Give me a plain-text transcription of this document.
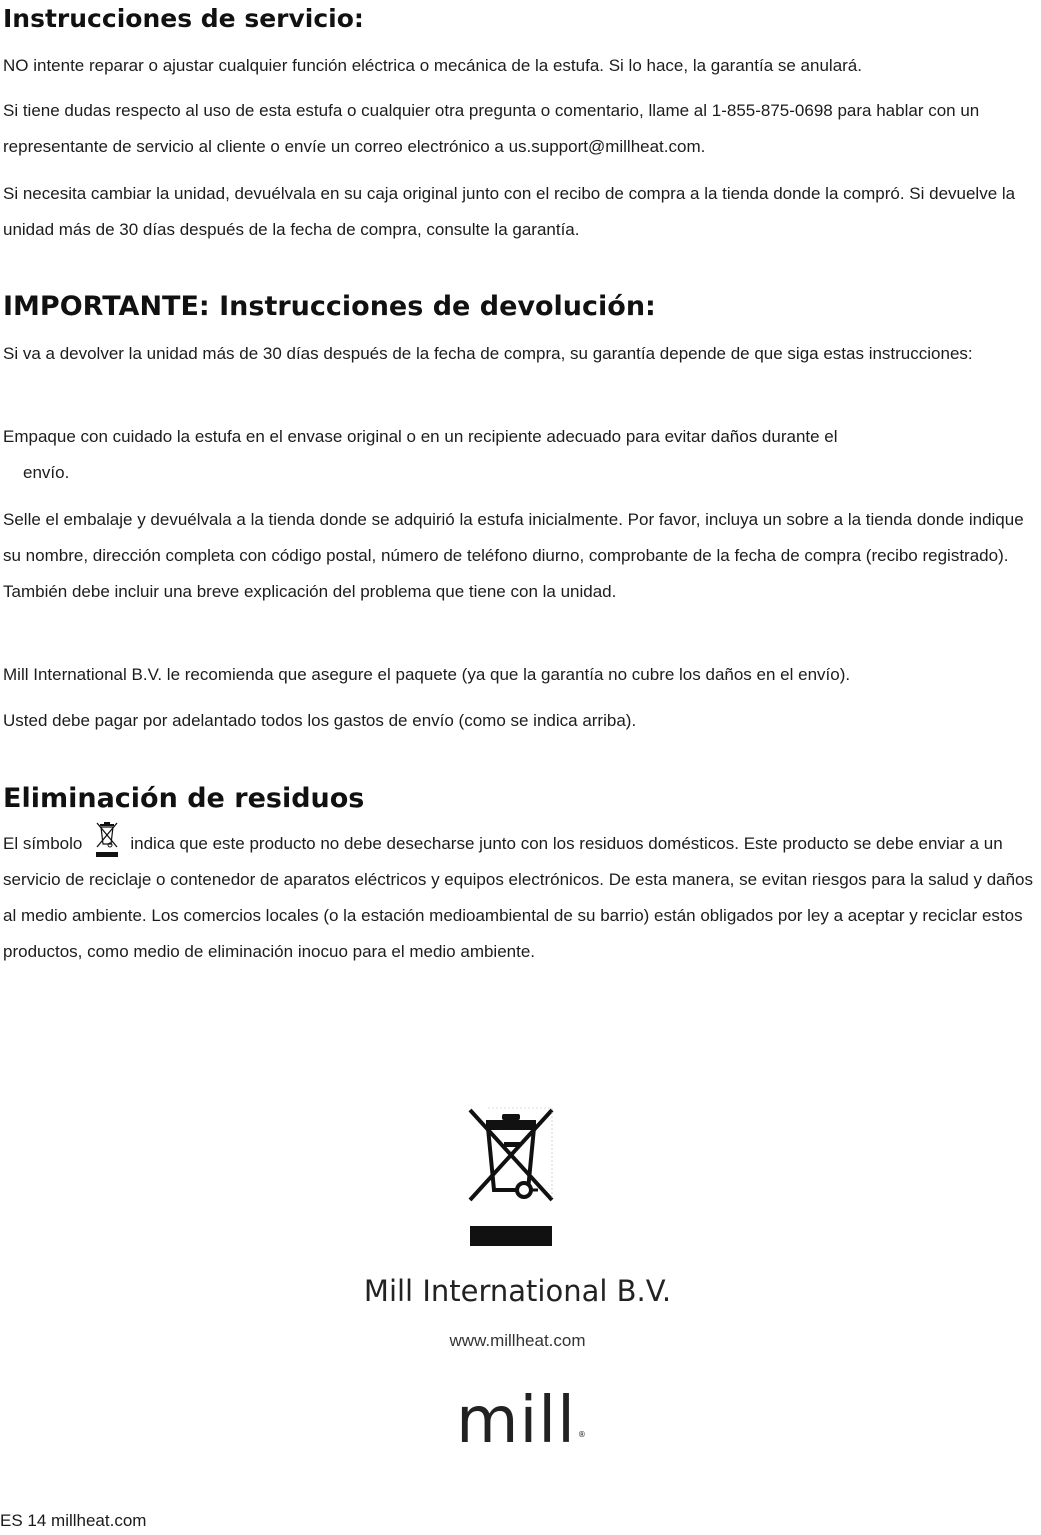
Instrucciones de servicio:

NO intente reparar o ajustar cualquier función eléctrica o mecánica de la estufa. Si lo hace, la garantía se anulará.

Si tiene dudas respecto al uso de esta estufa o cualquier otra pregunta o comentario, llame al 1-855-875-0698 para hablar con un representante de servicio al cliente o envíe un correo electrónico a us.support@millheat.com.

Si necesita cambiar la unidad, devuélvala en su caja original junto con el recibo de compra a la tienda donde la compró. Si devuelve la unidad más de 30 días después de la fecha de compra, consulte la garantía.

IMPORTANTE: Instrucciones de devolución:

Si va a devolver la unidad más de 30 días después de la fecha de compra, su garantía depende de que siga estas instrucciones:

Empaque con cuidado la estufa en el envase original o en un recipiente adecuado para evitar daños durante el
envío.

Selle el embalaje y devuélvala a la tienda donde se adquirió la estufa inicialmente. Por favor, incluya un sobre a la tienda donde indique su nombre, dirección completa con código postal, número de teléfono diurno, comprobante de la fecha de compra (recibo registrado). También debe incluir una breve explicación del problema que tiene con la unidad.

Mill International B.V. le recomienda que asegure el paquete (ya que la garantía no cubre los daños en el envío).

Usted debe pagar por adelantado todos los gastos de envío (como se indica arriba).

Eliminación de residuos

El símbolo	indica que este producto no debe desecharse junto con los residuos domésticos. Este producto se debe enviar a un servicio de reciclaje o contenedor de aparatos eléctricos y equipos electrónicos. De esta manera, se evitan riesgos para la salud y daños al medio ambiente. Los comercios locales (o la estación medioambiental de su barrio) están obligados por ley a aceptar y reciclar estos productos, como medio de eliminación inocuo para el medio ambiente.

Mill International B.V.
www.millheat.com
mill ®
ES 14 millheat.com
